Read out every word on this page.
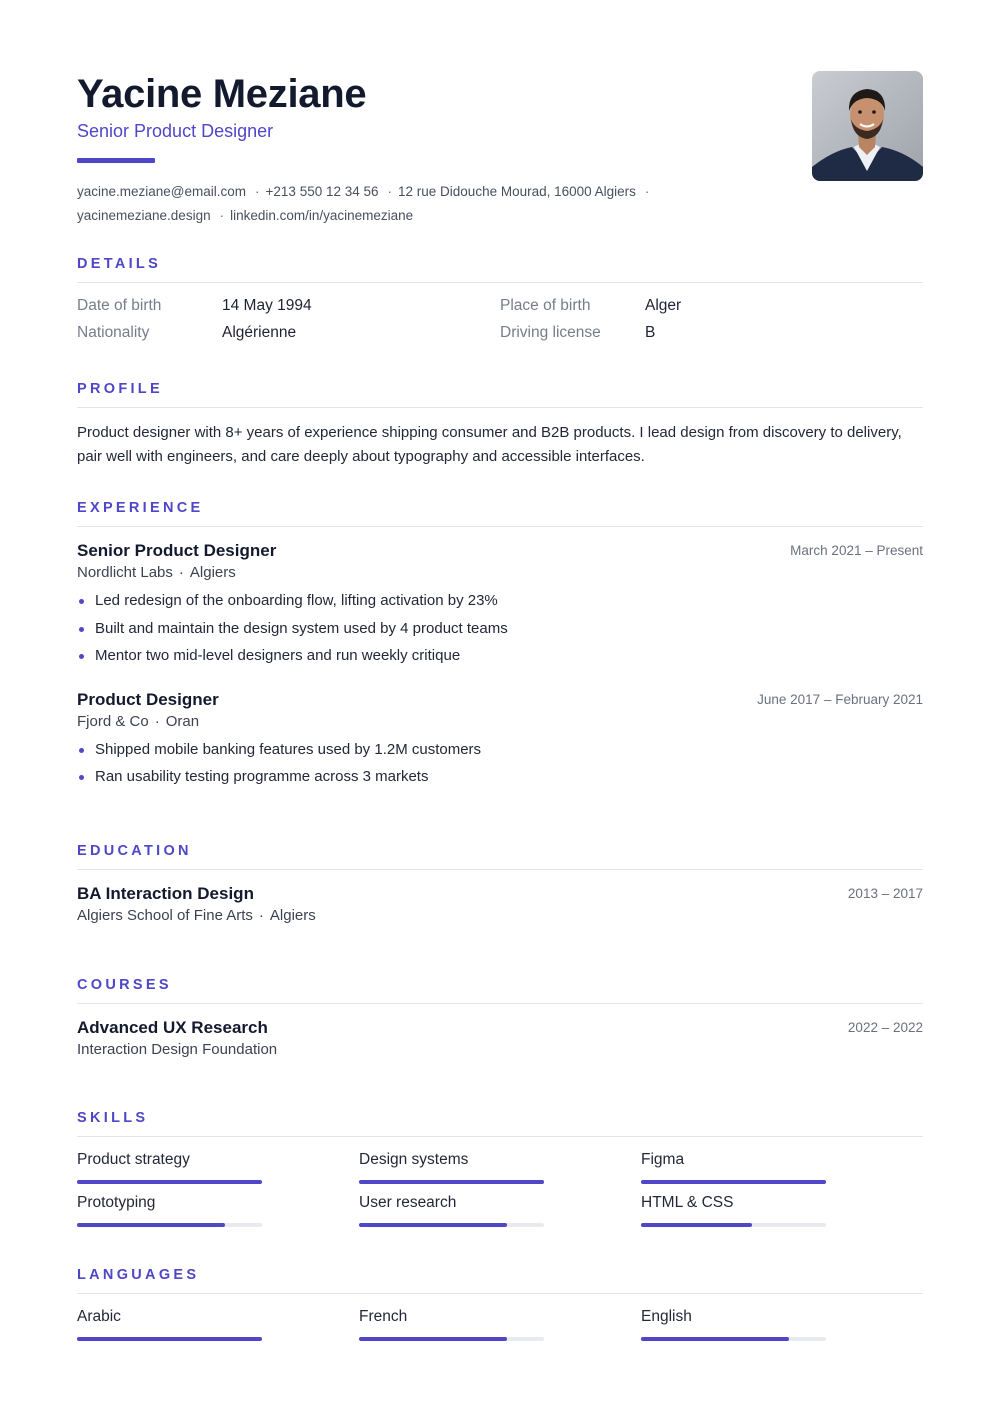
Yacine Meziane
Senior Product Designer
yacine.meziane@email.com · +213 550 12 34 56 · 12 rue Didouche Mourad, 16000 Algiers ·
yacinemeziane.design · linkedin.com/in/yacinemeziane
DETAILS
Date of birth	14 May 1994	Place of birth	Alger
Nationality	Algérienne	Driving license	B
PROFILE

Product designer with 8+ years of experience shipping consumer and B2B products. I lead design from discovery to delivery, pair well with engineers, and care deeply about typography and accessible interfaces.

EXPERIENCE
Senior Product Designer
Nordlicht Labs · Algiers
March 2021 – Present
Led redesign of the onboarding flow, lifting activation by 23%
Built and maintain the design system used by 4 product teams
Mentor two mid-level designers and run weekly critique
Product Designer
Fjord & Co · Oran
June 2017 – February 2021
Shipped mobile banking features used by 1.2M customers
Ran usability testing programme across 3 markets
EDUCATION
BA Interaction Design
Algiers School of Fine Arts · Algiers
2013 – 2017
COURSES
Advanced UX Research
Interaction Design Foundation
2022 – 2022
SKILLS
Product strategy	Design systems	Figma
Prototyping	User research	HTML & CSS
LANGUAGES
Arabic	French	English
